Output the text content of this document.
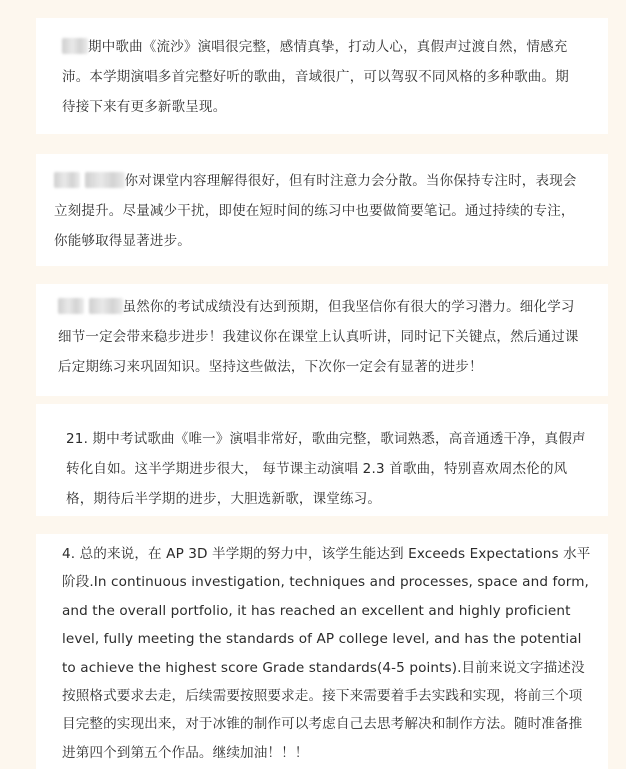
期中歌曲《流沙》演唱很完整，感情真挚，打动人心，真假声过渡自然，情感充沛。本学期演唱多首完整好听的歌曲，音域很广，可以驾驭不同风格的多种歌曲。期待接下来有更多新歌呈现。

你对课堂内容理解得很好，但有时注意力会分散。当你保持专注时，表现会立刻提升。尽量减少干扰，即使在短时间的练习中也要做简要笔记。通过持续的专注，你能够取得显著进步。

虽然你的考试成绩没有达到预期，但我坚信你有很大的学习潜力。细化学习细节一定会带来稳步进步！我建议你在课堂上认真听讲，同时记下关键点，然后通过课后定期练习来巩固知识。坚持这些做法，下次你一定会有显著的进步！

21. 期中考试歌曲《唯一》演唱非常好，歌曲完整，歌词熟悉，高音通透干净，真假声转化自如。这半学期进步很大， 每节课主动演唱 2.3 首歌曲，特别喜欢周杰伦的风格，期待后半学期的进步，大胆选新歌，课堂练习。

4. 总的来说，在 AP 3D 半学期的努力中，该学生能达到 Exceeds Expectations 水平阶段.In continuous investigation, techniques and processes, space and form, and the overall portfolio, it has reached an excellent and highly proficient level, fully meeting the standards of AP college level, and has the potential to achieve the highest score Grade standards(4-5 points).目前来说文字描述没按照格式要求去走，后续需要按照要求走。接下来需要着手去实践和实现，将前三个项目完整的实现出来，对于冰锥的制作可以考虑自己去思考解决和制作方法。随时准备推进第四个到第五个作品。继续加油！！！
